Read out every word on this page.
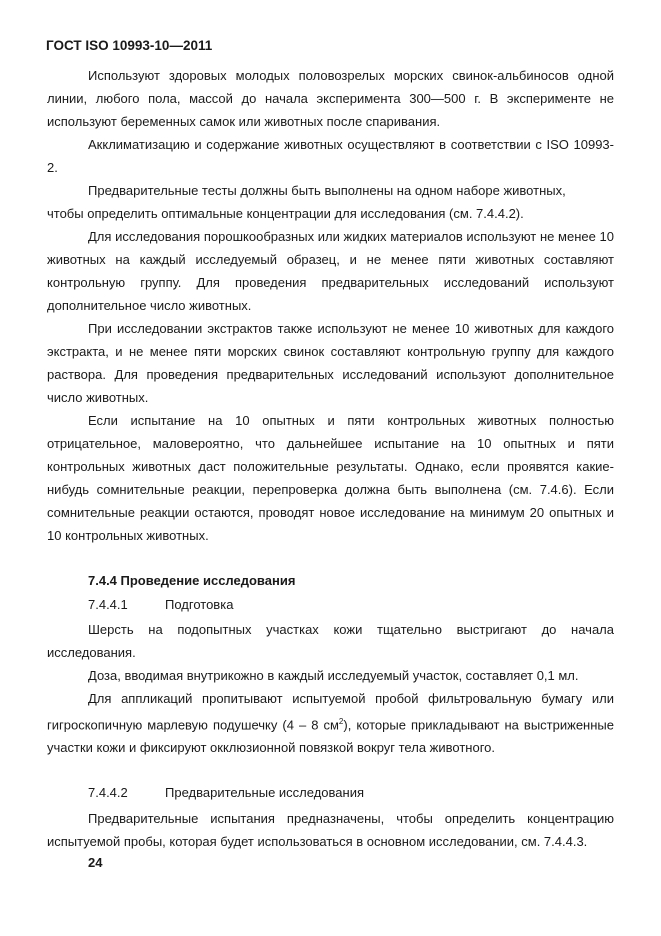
ГОСТ ISO 10993-10—2011

Используют здоровых молодых половозрелых морских свинок-альбиносов одной линии, любого пола, массой до начала эксперимента 300—500 г. В эксперименте не используют беременных самок или животных после спаривания.

Акклиматизацию и содержание животных осуществляют в соответствии с ISO 10993-2.

Предварительные тесты должны быть выполнены на одном наборе животных,

чтобы определить оптимальные концентрации для исследования (см. 7.4.4.2).

Для исследования порошкообразных или жидких материалов используют не менее 10 животных на каждый исследуемый образец, и не менее пяти животных составляют контрольную группу. Для проведения предварительных исследований используют дополнительное число животных.

При исследовании экстрактов также используют не менее 10 животных для каждого экстракта, и не менее пяти морских свинок составляют контрольную группу для каждого раствора. Для проведения предварительных исследований используют дополнительное число животных.

Если испытание на 10 опытных и пяти контрольных животных полностью отрицательное, маловероятно, что дальнейшее испытание на 10 опытных и пяти контрольных животных даст положительные результаты. Однако, если проявятся какие-нибудь сомнительные реакции, перепроверка должна быть выполнена (см. 7.4.6). Если сомнительные реакции остаются, проводят новое исследование на минимум 20 опытных и 10 контрольных животных.

7.4.4 Проведение исследования
7.4.4.1	Подготовка

Шерсть на подопытных участках кожи тщательно выстригают до начала исследования.

Доза, вводимая внутрикожно в каждый исследуемый участок, составляет 0,1 мл.

Для аппликаций пропитывают испытуемой пробой фильтровальную бумагу или гигроскопичную марлевую подушечку (4 – 8 $см^2$), которые прикладывают на выстриженные участки кожи и фиксируют окклюзионной повязкой вокруг тела животного.

7.4.4.2	Предварительные исследования

Предварительные испытания предназначены, чтобы определить концентрацию испытуемой пробы, которая будет использоваться в основном исследовании, см. 7.4.4.3.

24
